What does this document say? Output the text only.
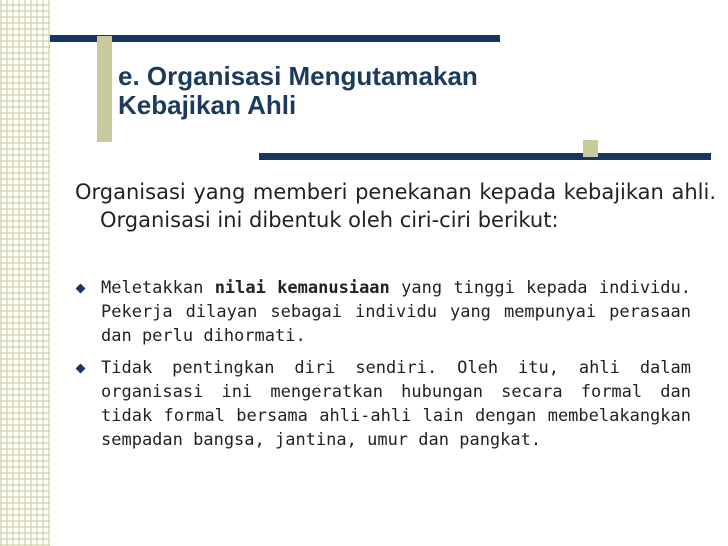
e. Organisasi Mengutamakan
Kebajikan Ahli
Organisasi yang memberi penekanan kepada kebajikan ahli. Organisasi ini dibentuk oleh ciri-ciri berikut:
Meletakkan nilai kemanusiaan yang tinggi kepada individu. Pekerja dilayan sebagai individu yang mempunyai perasaan dan perlu dihormati.
Tidak pentingkan diri sendiri. Oleh itu, ahli dalam organisasi ini mengeratkan hubungan secara formal dan tidak formal bersama ahli-ahli lain dengan membelakangkan sempadan bangsa, jantina, umur dan pangkat.
